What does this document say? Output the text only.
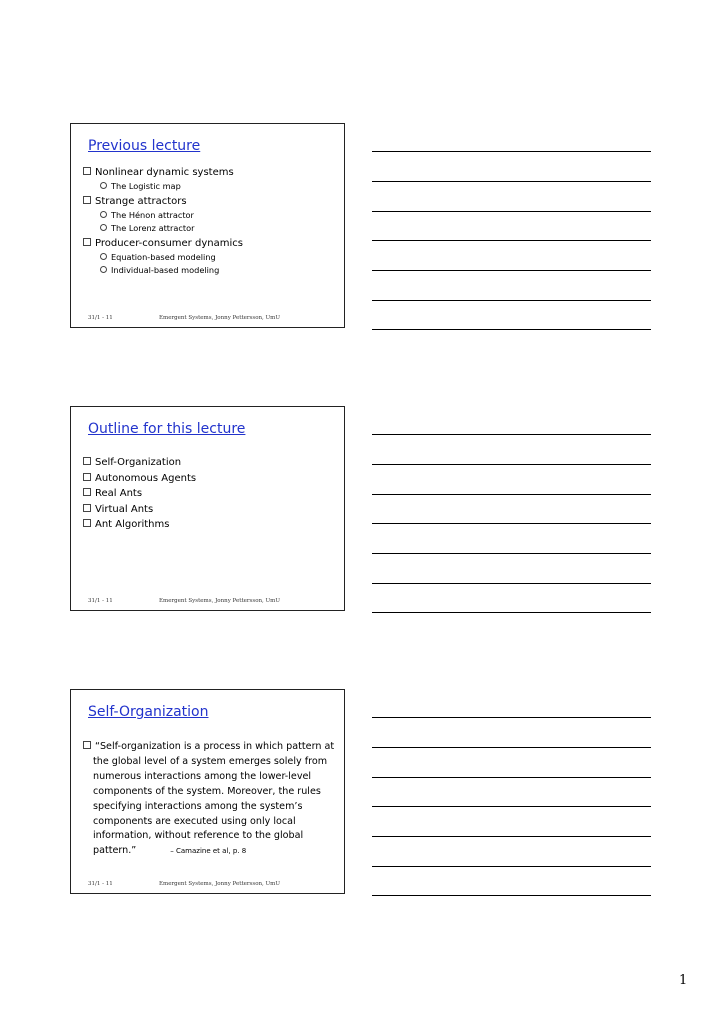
Previous lecture
Nonlinear dynamic systems
The Logistic map
Strange attractors
The Hénon attractor
The Lorenz attractor
Producer-consumer dynamics
Equation-based modeling
Individual-based modeling
31/1 - 11	Emergent Systems, Jonny Pettersson, UmU
Outline for this lecture
Self-Organization
Autonomous Agents
Real Ants
Virtual Ants
Ant Algorithms
31/1 - 11	Emergent Systems, Jonny Pettersson, UmU
Self-Organization
“Self-organization is a process in which pattern at the global level of a system emerges solely from numerous interactions among the lower-level components of the system. Moreover, the rules specifying interactions among the system’s components are executed using only local information, without reference to the global pattern.”	– Camazine et al, p. 8
31/1 - 11	Emergent Systems, Jonny Pettersson, UmU
1
